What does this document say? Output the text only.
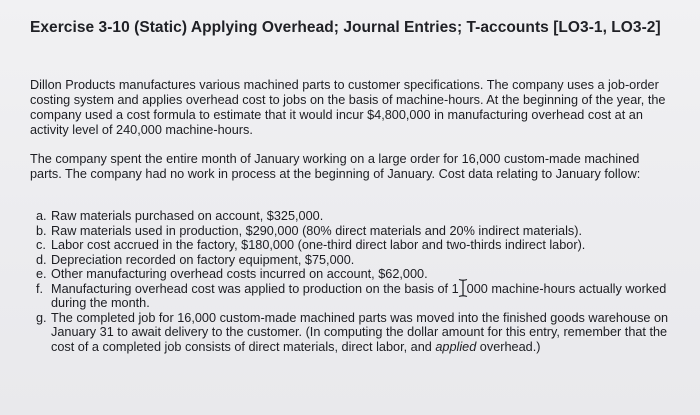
Exercise 3-10 (Static) Applying Overhead; Journal Entries; T-accounts [LO3-1, LO3-2]

Dillon Products manufactures various machined parts to customer specifications. The company uses a job-order costing system and applies overhead cost to jobs on the basis of machine-hours. At the beginning of the year, the company used a cost formula to estimate that it would incur $4,800,000 in manufacturing overhead cost at an activity level of 240,000 machine-hours.

The company spent the entire month of January working on a large order for 16,000 custom-made machined parts. The company had no work in process at the beginning of January. Cost data relating to January follow:

a. Raw materials purchased on account, $325,000.
b. Raw materials used in production, $290,000 (80% direct materials and 20% indirect materials).
c. Labor cost accrued in the factory, $180,000 (one-third direct labor and two-thirds indirect labor).
d. Depreciation recorded on factory equipment, $75,000.
e. Other manufacturing overhead costs incurred on account, $62,000.
f. Manufacturing overhead cost was applied to production on the basis of 1 000 machine-hours actually worked during the month.
g. The completed job for 16,000 custom-made machined parts was moved into the finished goods warehouse on January 31 to await delivery to the customer. (In computing the dollar amount for this entry, remember that the cost of a completed job consists of direct materials, direct labor, and applied overhead.)
